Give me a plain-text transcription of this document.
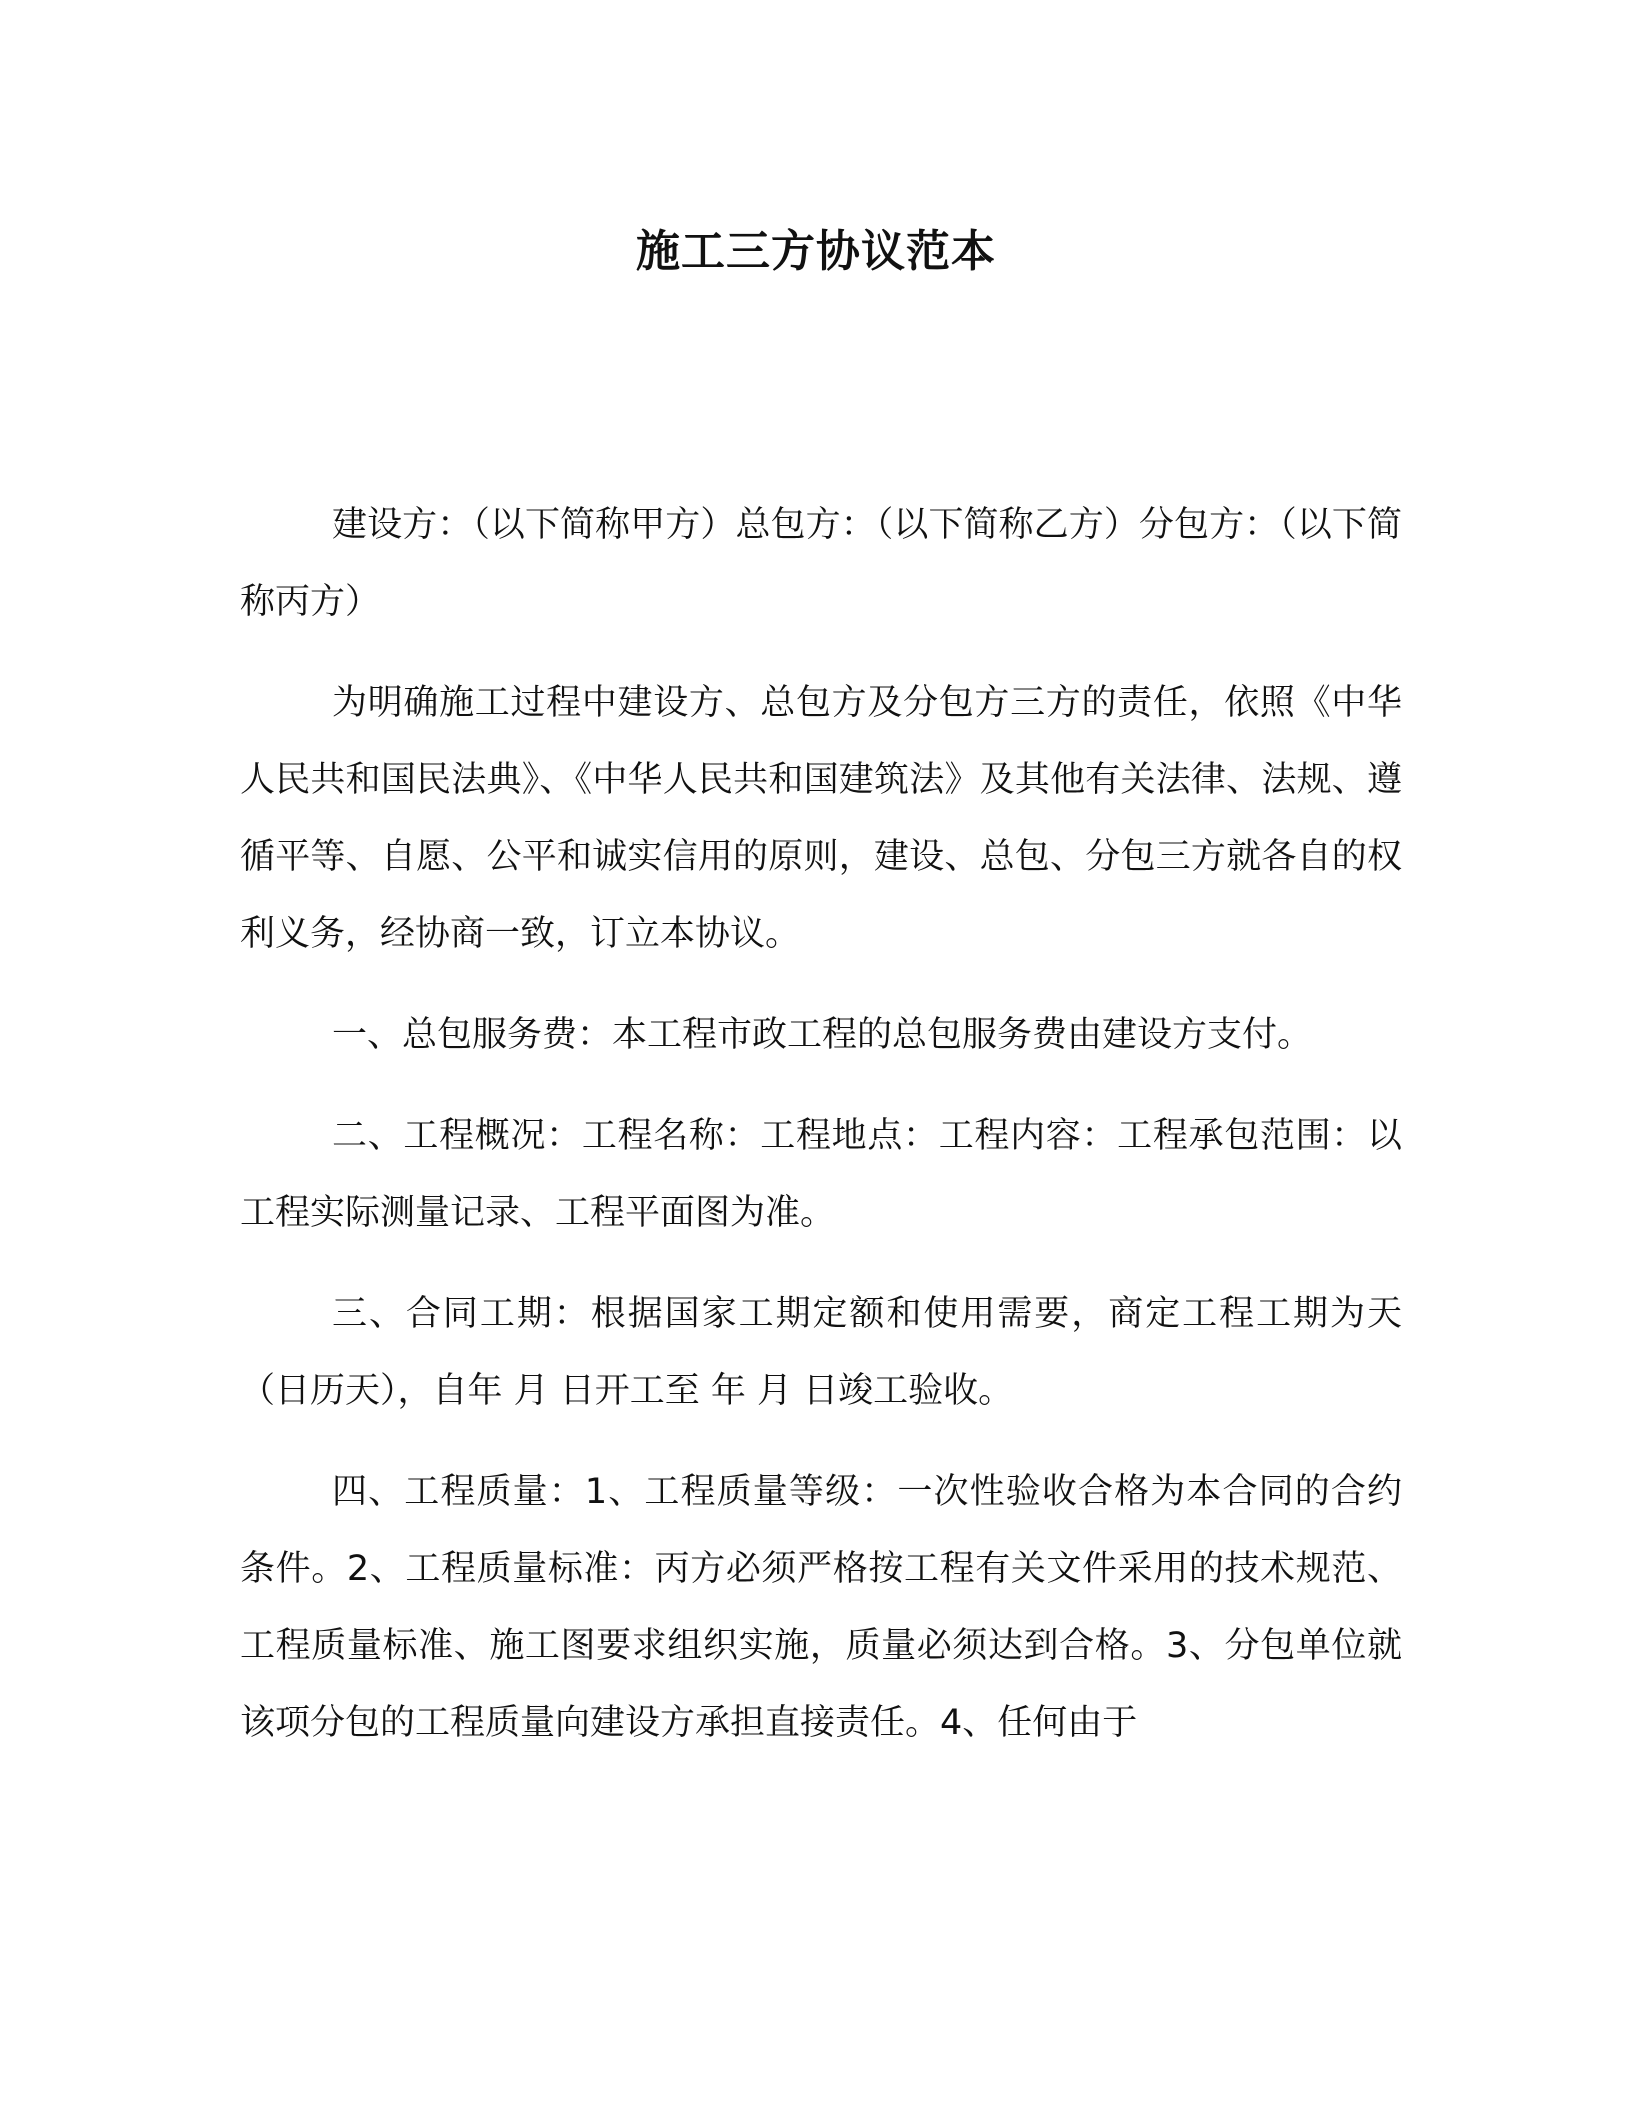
施工三方协议范本

建设方：（以下简称甲方）总包方：（以下简称乙方）分包方：（以下简称丙方）

为明确施工过程中建设方、总包方及分包方三方的责任，依照《中华人民共和国民法典》、《中华人民共和国建筑法》及其他有关法律、法规、遵循平等、自愿、公平和诚实信用的原则，建设、总包、分包三方就各自的权利义务，经协商一致，订立本协议。

一、总包服务费：本工程市政工程的总包服务费由建设方支付。

二、工程概况：工程名称：工程地点：工程内容：工程承包范围：以工程实际测量记录、工程平面图为准。

三、合同工期：根据国家工期定额和使用需要，商定工程工期为天（日历天），自年 月 日开工至 年 月 日竣工验收。

四、工程质量：1、工程质量等级：一次性验收合格为本合同的合约条件。2、工程质量标准：丙方必须严格按工程有关文件采用的技术规范、工程质量标准、施工图要求组织实施，质量必须达到合格。3、分包单位就该项分包的工程质量向建设方承担直接责任。4、任何由于
